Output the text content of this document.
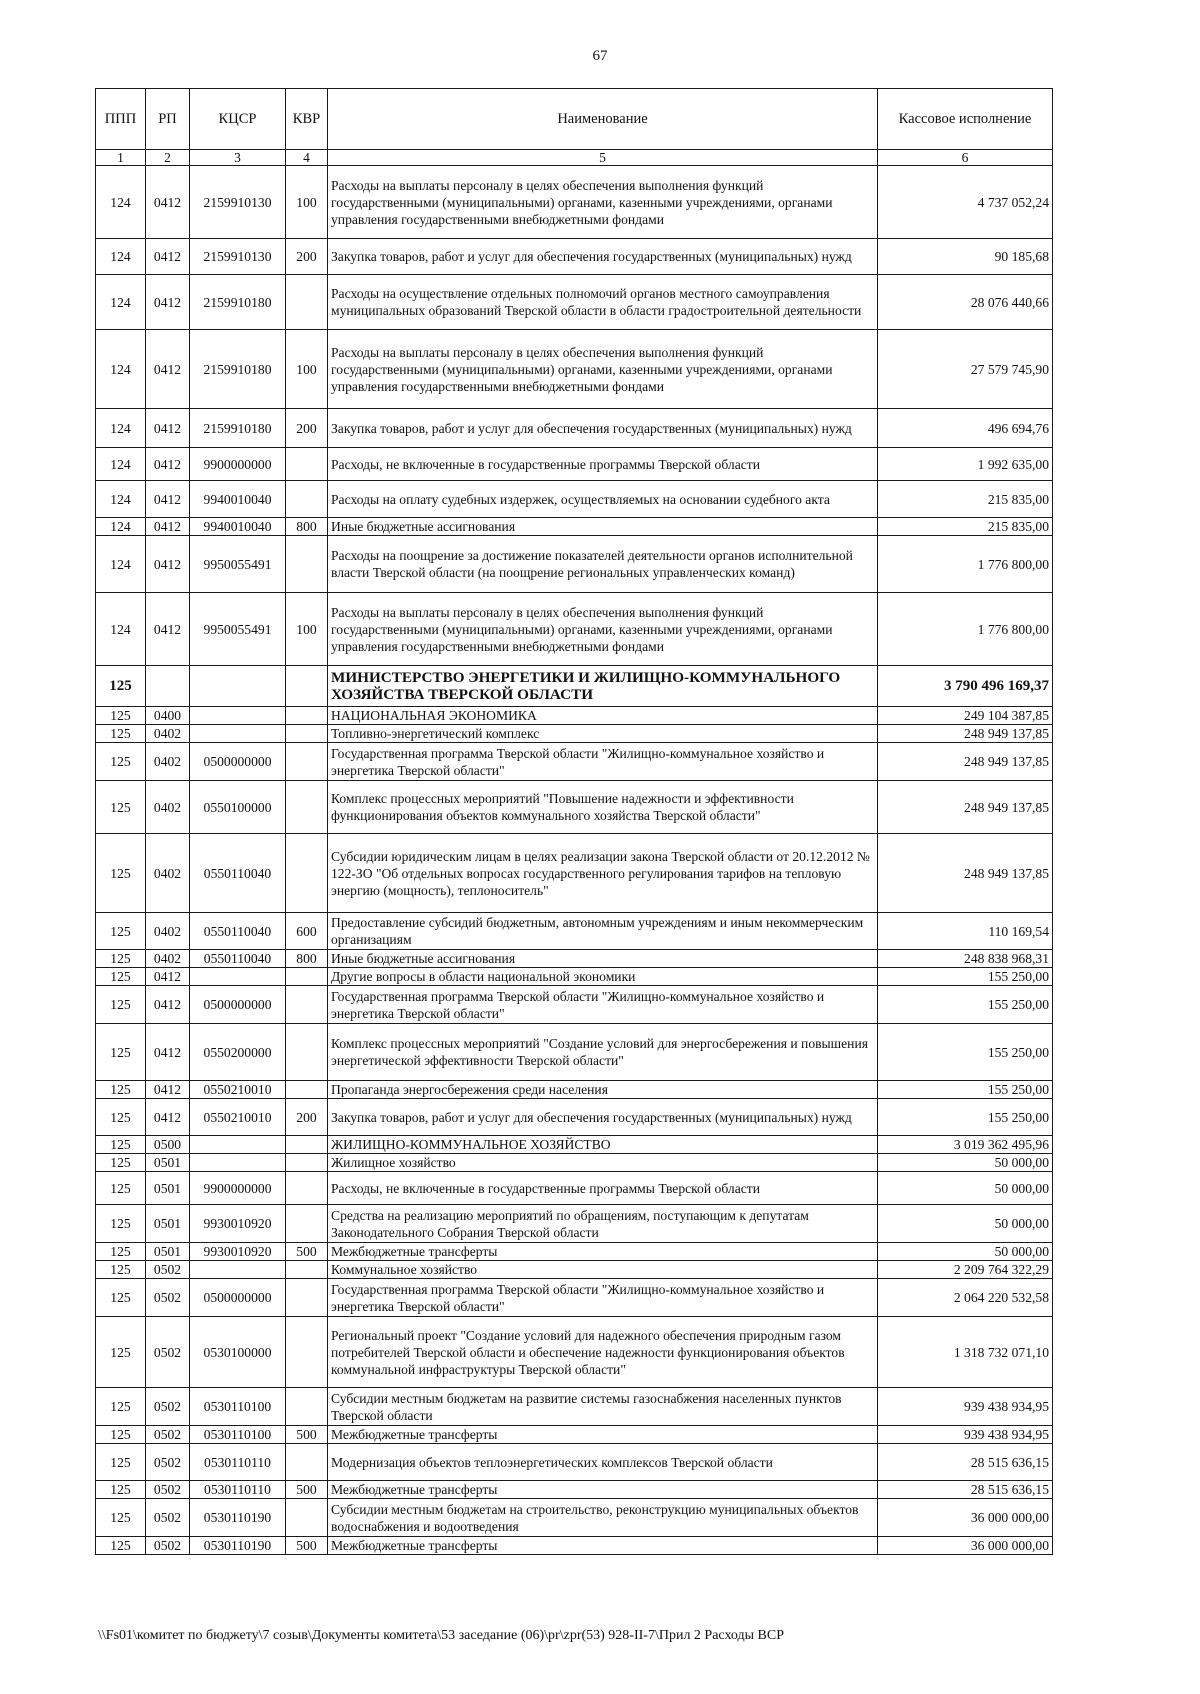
67
ППП	РП	КЦСР	КВР	Наименование	Кассовое исполнение
1	2	3	4	5	6
124	0412	2159910130	100	Расходы на выплаты персоналу в целях обеспечения выполнения функций государственными (муниципальными) органами, казенными учреждениями, органами управления государственными внебюджетными фондами	4 737 052,24
124	0412	2159910130	200	Закупка товаров, работ и услуг для обеспечения государственных (муниципальных) нужд	90 185,68
124	0412	2159910180		Расходы на осуществление отдельных полномочий органов местного самоуправления муниципальных образований Тверской области в области градостроительной деятельности	28 076 440,66
124	0412	2159910180	100	Расходы на выплаты персоналу в целях обеспечения выполнения функций государственными (муниципальными) органами, казенными учреждениями, органами управления государственными внебюджетными фондами	27 579 745,90
124	0412	2159910180	200	Закупка товаров, работ и услуг для обеспечения государственных (муниципальных) нужд	496 694,76
124	0412	9900000000		Расходы, не включенные в государственные программы Тверской области	1 992 635,00
124	0412	9940010040		Расходы на оплату судебных издержек, осуществляемых на основании судебного акта	215 835,00
124	0412	9940010040	800	Иные бюджетные ассигнования	215 835,00
124	0412	9950055491		Расходы на поощрение за достижение показателей деятельности органов исполнительной власти Тверской области (на поощрение региональных управленческих команд)	1 776 800,00
124	0412	9950055491	100	Расходы на выплаты персоналу в целях обеспечения выполнения функций государственными (муниципальными) органами, казенными учреждениями, органами управления государственными внебюджетными фондами	1 776 800,00
125				МИНИСТЕРСТВО ЭНЕРГЕТИКИ И ЖИЛИЩНО-КОММУНАЛЬНОГО ХОЗЯЙСТВА ТВЕРСКОЙ ОБЛАСТИ	3 790 496 169,37
125	0400			НАЦИОНАЛЬНАЯ ЭКОНОМИКА	249 104 387,85
125	0402			Топливно-энергетический комплекс	248 949 137,85
125	0402	0500000000		Государственная программа Тверской области "Жилищно-коммунальное хозяйство и энергетика Тверской области"	248 949 137,85
125	0402	0550100000		Комплекс процессных мероприятий "Повышение надежности и эффективности функционирования объектов коммунального хозяйства Тверской области"	248 949 137,85
125	0402	0550110040		Субсидии юридическим лицам в целях реализации закона Тверской области от 20.12.2012 № 122-ЗО "Об отдельных вопросах государственного регулирования тарифов на тепловую энергию (мощность), теплоноситель"	248 949 137,85
125	0402	0550110040	600	Предоставление субсидий бюджетным, автономным учреждениям и иным некоммерческим организациям	110 169,54
125	0402	0550110040	800	Иные бюджетные ассигнования	248 838 968,31
125	0412			Другие вопросы в области национальной экономики	155 250,00
125	0412	0500000000		Государственная программа Тверской области "Жилищно-коммунальное хозяйство и энергетика Тверской области"	155 250,00
125	0412	0550200000		Комплекс процессных мероприятий "Создание условий для энергосбережения и повышения энергетической эффективности Тверской области"	155 250,00
125	0412	0550210010		Пропаганда энергосбережения среди населения	155 250,00
125	0412	0550210010	200	Закупка товаров, работ и услуг для обеспечения государственных (муниципальных) нужд	155 250,00
125	0500			ЖИЛИЩНО-КОММУНАЛЬНОЕ ХОЗЯЙСТВО	3 019 362 495,96
125	0501			Жилищное хозяйство	50 000,00
125	0501	9900000000		Расходы, не включенные в государственные программы Тверской области	50 000,00
125	0501	9930010920		Средства на реализацию мероприятий по обращениям, поступающим к депутатам Законодательного Собрания Тверской области	50 000,00
125	0501	9930010920	500	Межбюджетные трансферты	50 000,00
125	0502			Коммунальное хозяйство	2 209 764 322,29
125	0502	0500000000		Государственная программа Тверской области "Жилищно-коммунальное хозяйство и энергетика Тверской области"	2 064 220 532,58
125	0502	0530100000		Региональный проект "Создание условий для надежного обеспечения природным газом потребителей Тверской области и обеспечение надежности функционирования объектов коммунальной инфраструктуры Тверской области"	1 318 732 071,10
125	0502	0530110100		Субсидии местным бюджетам на развитие системы газоснабжения населенных пунктов Тверской области	939 438 934,95
125	0502	0530110100	500	Межбюджетные трансферты	939 438 934,95
125	0502	0530110110		Модернизация объектов теплоэнергетических комплексов Тверской области	28 515 636,15
125	0502	0530110110	500	Межбюджетные трансферты	28 515 636,15
125	0502	0530110190		Субсидии местным бюджетам на строительство, реконструкцию муниципальных объектов водоснабжения и водоотведения	36 000 000,00
125	0502	0530110190	500	Межбюджетные трансферты	36 000 000,00
\\Fs01\комитет по бюджету\7 созыв\Документы комитета\53 заседание (06)\pr\zpr(53) 928-II-7\Прил 2 Расходы ВСР
